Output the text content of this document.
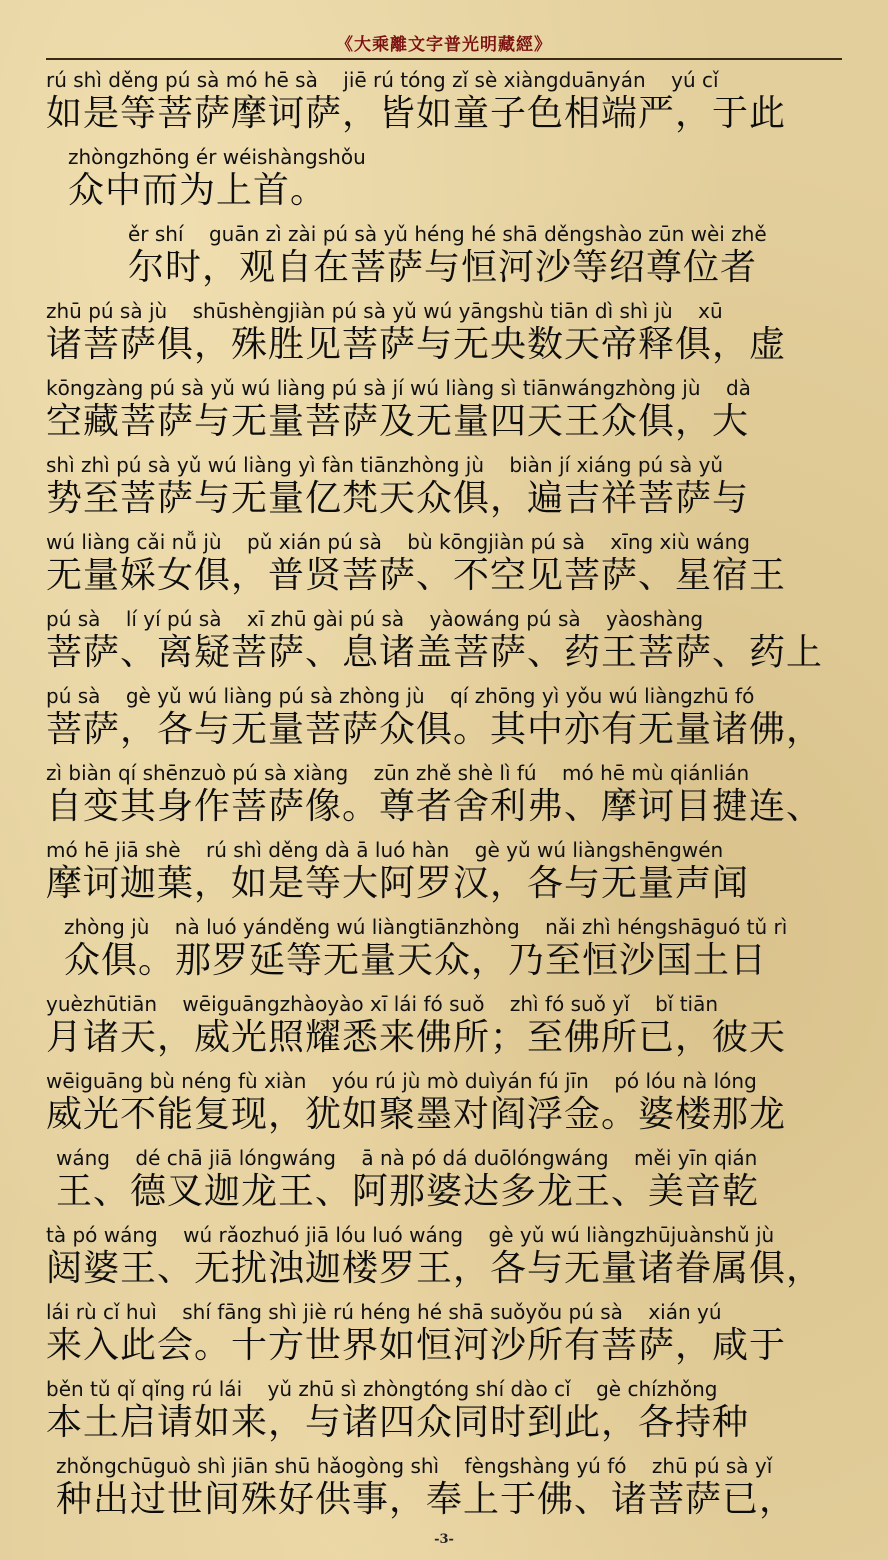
《大乘離文字普光明藏經》
rú shì děng pú sà mó hē sà    jiē rú tóng zǐ sè xiàngduānyán    yú cǐ
如是等菩萨摩诃萨，皆如童子色相端严，于此
zhòngzhōng ér wéishàngshǒu
众中而为上首。
ěr shí    guān zì zài pú sà yǔ héng hé shā děngshào zūn wèi zhě
尔时，观自在菩萨与恒河沙等绍尊位者
zhū pú sà jù    shūshèngjiàn pú sà yǔ wú yāngshù tiān dì shì jù    xū
诸菩萨俱，殊胜见菩萨与无央数天帝释俱，虚
kōngzàng pú sà yǔ wú liàng pú sà jí wú liàng sì tiānwángzhòng jù    dà
空藏菩萨与无量菩萨及无量四天王众俱，大
shì zhì pú sà yǔ wú liàng yì fàn tiānzhòng jù    biàn jí xiáng pú sà yǔ
势至菩萨与无量亿梵天众俱，遍吉祥菩萨与
wú liàng cǎi nǚ jù    pǔ xián pú sà    bù kōngjiàn pú sà    xīng xiù wáng
无量婇女俱，普贤菩萨、不空见菩萨、星宿王
pú sà    lí yí pú sà    xī zhū gài pú sà    yàowáng pú sà    yàoshàng
菩萨、离疑菩萨、息诸盖菩萨、药王菩萨、药上
pú sà    gè yǔ wú liàng pú sà zhòng jù    qí zhōng yì yǒu wú liàngzhū fó
菩萨，各与无量菩萨众俱。其中亦有无量诸佛，
zì biàn qí shēnzuò pú sà xiàng    zūn zhě shè lì fú    mó hē mù qiánlián
自变其身作菩萨像。尊者舍利弗、摩诃目揵连、
mó hē jiā shè    rú shì děng dà ā luó hàn    gè yǔ wú liàngshēngwén
摩诃迦葉，如是等大阿罗汉，各与无量声闻
zhòng jù    nà luó yánděng wú liàngtiānzhòng    nǎi zhì héngshāguó tǔ rì
众俱。那罗延等无量天众，乃至恒沙国土日
yuèzhūtiān    wēiguāngzhàoyào xī lái fó suǒ    zhì fó suǒ yǐ    bǐ tiān
月诸天，威光照耀悉来佛所；至佛所已，彼天
wēiguāng bù néng fù xiàn    yóu rú jù mò duìyán fú jīn    pó lóu nà lóng
威光不能复现，犹如聚墨对阎浮金。婆楼那龙
wáng    dé chā jiā lóngwáng    ā nà pó dá duōlóngwáng    měi yīn qián
王、德叉迦龙王、阿那婆达多龙王、美音乾
tà pó wáng    wú rǎozhuó jiā lóu luó wáng    gè yǔ wú liàngzhūjuànshǔ jù
闼婆王、无扰浊迦楼罗王，各与无量诸眷属俱，
lái rù cǐ huì    shí fāng shì jiè rú héng hé shā suǒyǒu pú sà    xián yú
来入此会。十方世界如恒河沙所有菩萨，咸于
běn tǔ qǐ qǐng rú lái    yǔ zhū sì zhòngtóng shí dào cǐ    gè chízhǒng
本土启请如来，与诸四众同时到此，各持种
zhǒngchūguò shì jiān shū hǎogòng shì    fèngshàng yú fó    zhū pú sà yǐ
种出过世间殊好供事，奉上于佛、诸菩萨已，
-3-
